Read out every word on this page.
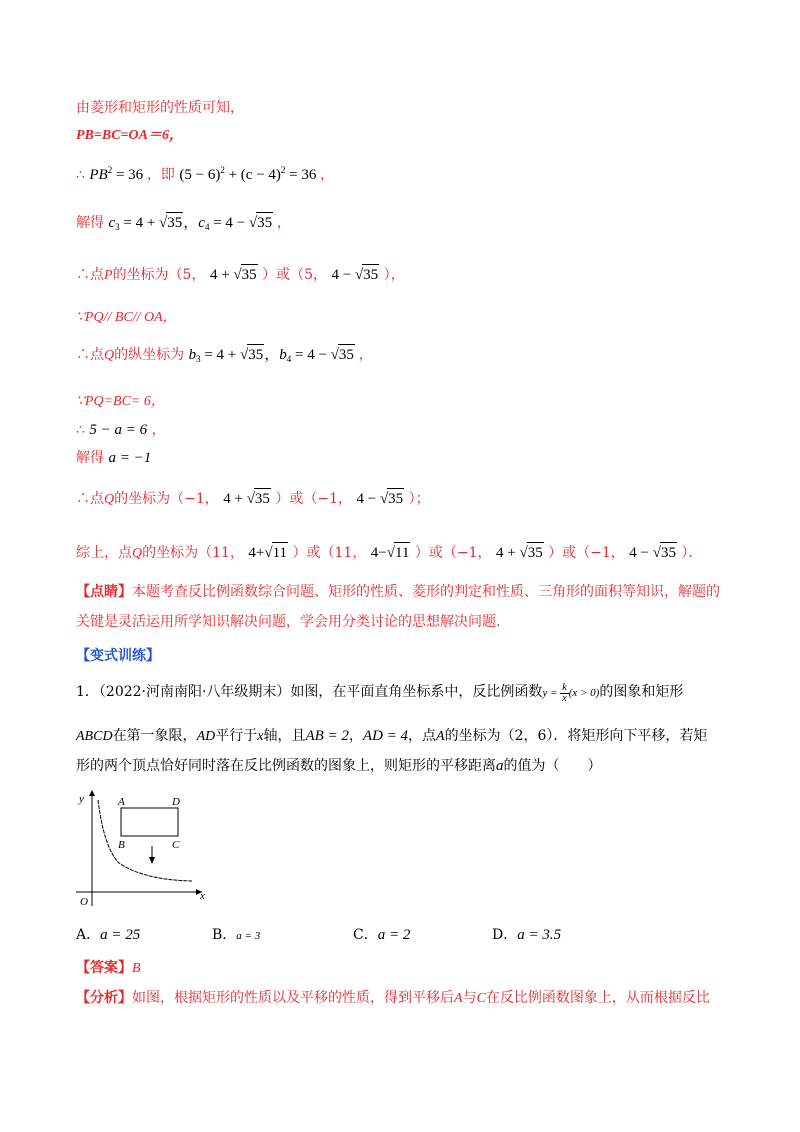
由菱形和矩形的性质可知，
PB=BC=OA＝6，
∴ $PB^2 = 36$ ，即 $(5 - 6)^2 + (c - 4)^2 = 36$ ，
解得 $c_3 = 4 + √35$，$c_4 = 4 - √35$ ，
∴点P的坐标为（5， 4 + √35 ）或（5， 4 − √35 ），
∵PQ// BC// OA，
∴点Q的纵坐标为 $b_3 = 4 + √35$，$b_4 = 4 - √35$ ，
∵PQ=BC= 6，
∴ 5 − a = 6 ，
解得 a = −1
∴点Q的坐标为（−1， 4 + √35 ）或（−1， 4 − √35 ）；
综上，点Q的坐标为（11， 4+√11 ）或（11， 4−√11 ）或（−1， 4 + √35 ）或（−1， 4 − √35 ）．
【点睛】本题考查反比例函数综合问题、矩形的性质、菱形的判定和性质、三角形的面积等知识，解题的
关键是灵活运用所学知识解决问题，学会用分类讨论的思想解决问题.
【变式训练】
1．（2022·河南南阳·八年级期末）如图，在平面直角坐标系中，反比例函数$y = \frac{k}{x} (x > 0)$的图象和矩形
ABCD在第一象限，AD平行于x轴，且AB = 2，AD = 4，点A的坐标为（2，6）．将矩形向下平移，若矩
形的两个顶点恰好同时落在反比例函数的图象上，则矩形的平移距离a的值为（　　）
y
x
O
A	D
B	C
A．a = 25	B．a = 3	C．a = 2	D．a = 3.5
【答案】B
【分析】如图，根据矩形的性质以及平移的性质，得到平移后A与C在反比例函数图象上，从而根据反比
